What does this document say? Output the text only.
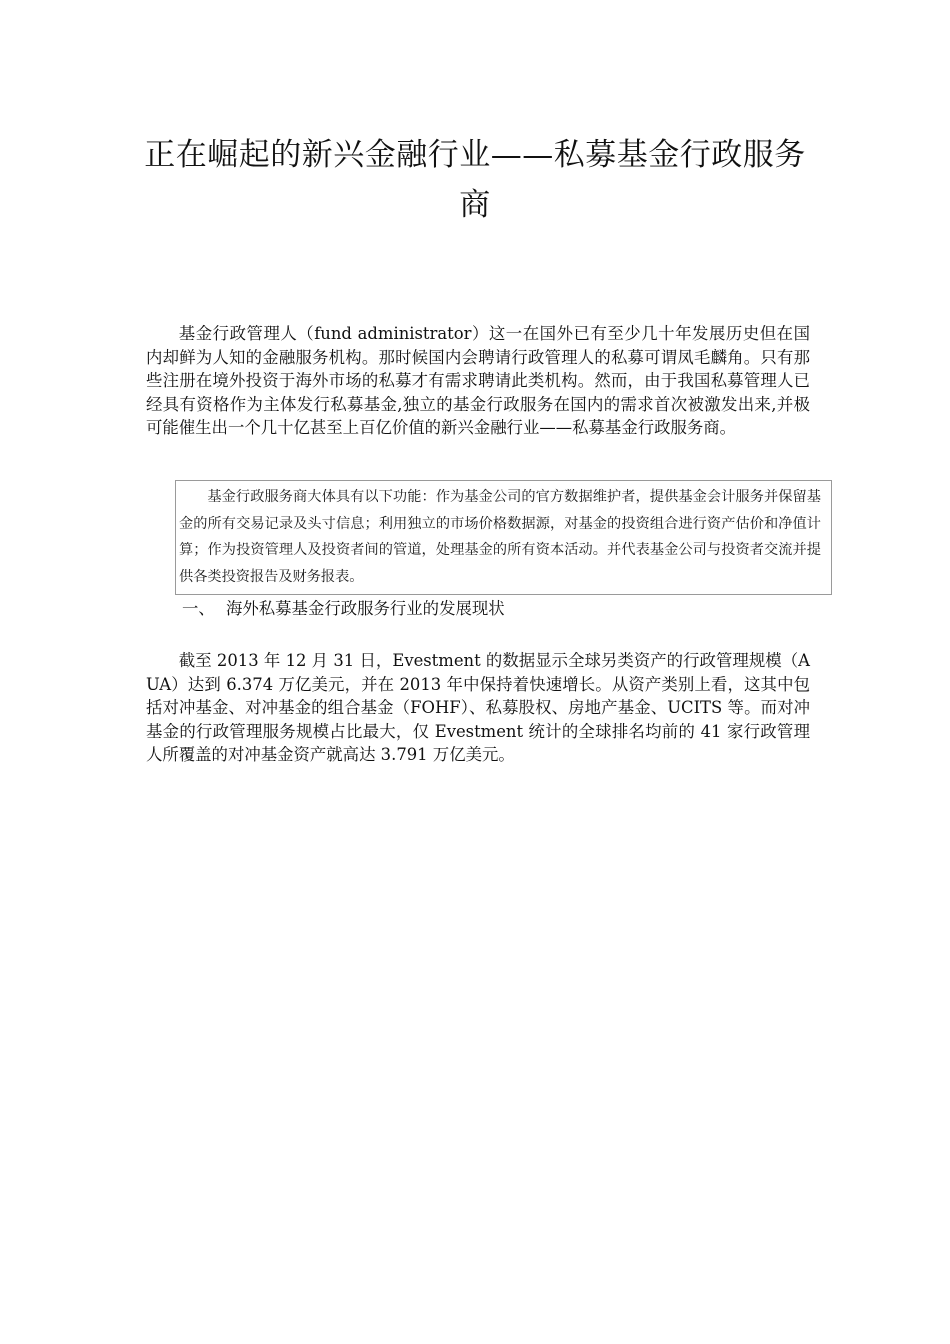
正在崛起的新兴金融行业——私募基金行政服务商

基金行政管理人（fund administrator）这一在国外已有至少几十年发展历史但在国内却鲜为人知的金融服务机构。那时候国内会聘请行政管理人的私募可谓凤毛麟角。只有那些注册在境外投资于海外市场的私募才有需求聘请此类机构。然而，由于我国私募管理人已经具有资格作为主体发行私募基金,独立的基金行政服务在国内的需求首次被激发出来,并极可能催生出一个几十亿甚至上百亿价值的新兴金融行业——私募基金行政服务商。

基金行政服务商大体具有以下功能：作为基金公司的官方数据维护者，提供基金会计服务并保留基金的所有交易记录及头寸信息；利用独立的市场价格数据源，对基金的投资组合进行资产估价和净值计算；作为投资管理人及投资者间的管道，处理基金的所有资本活动。并代表基金公司与投资者交流并提供各类投资报告及财务报表。
一、 海外私募基金行政服务行业的发展现状

截至 2013 年 12 月 31 日，Evestment 的数据显示全球另类资产的行政管理规模（AUA）达到 6.374 万亿美元，并在 2013 年中保持着快速增长。从资产类别上看，这其中包括对冲基金、对冲基金的组合基金（FOHF）、私募股权、房地产基金、UCITS 等。而对冲基金的行政管理服务规模占比最大，仅 Evestment 统计的全球排名均前的 41 家行政管理人所覆盖的对冲基金资产就高达 3.791 万亿美元。
